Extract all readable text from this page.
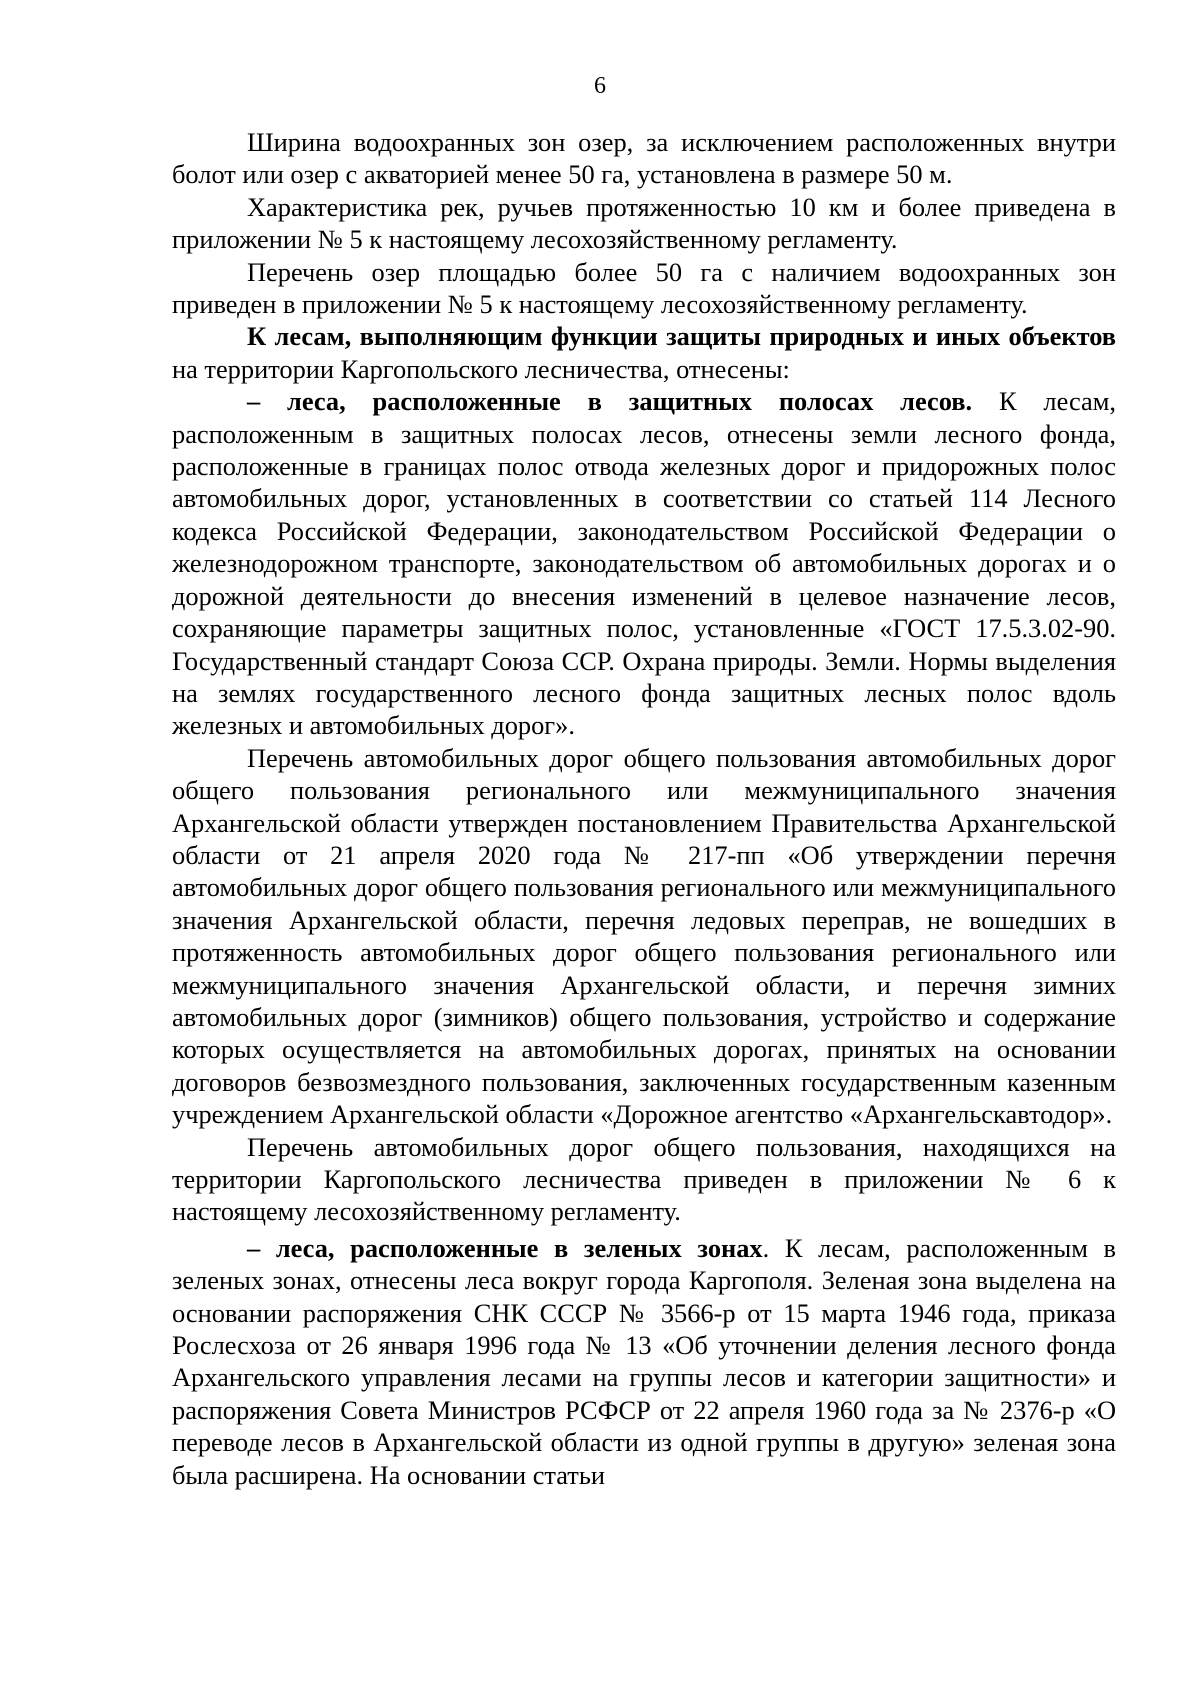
6

Ширина водоохранных зон озер, за исключением расположенных внутри болот или озер с акваторией менее 50 га, установлена в размере 50 м.

Характеристика рек, ручьев протяженностью 10 км и более приведена в приложении № 5 к настоящему лесохозяйственному регламенту.

Перечень озер площадью более 50 га с наличием водоохранных зон приведен в приложении № 5 к настоящему лесохозяйственному регламенту.

К лесам, выполняющим функции защиты природных и иных объектов на территории Каргопольского лесничества, отнесены:

– леса, расположенные в защитных полосах лесов. К лесам, расположенным в защитных полосах лесов, отнесены земли лесного фонда, расположенные в границах полос отвода железных дорог и придорожных полос автомобильных дорог, установленных в соответствии со статьей 114 Лесного кодекса Российской Федерации, законодательством Российской Федерации о железнодорожном транспорте, законодательством об автомобильных дорогах и о дорожной деятельности до внесения изменений в целевое назначение лесов, сохраняющие параметры защитных полос, установленные «ГОСТ 17.5.3.02-90. Государственный стандарт Союза ССР. Охрана природы. Земли. Нормы выделения на землях государственного лесного фонда защитных лесных полос вдоль железных и автомобильных дорог».

Перечень автомобильных дорог общего пользования автомобильных дорог общего пользования регионального или межмуниципального значения Архангельской области утвержден постановлением Правительства Архангельской области от 21 апреля 2020 года № 217-пп «Об утверждении перечня автомобильных дорог общего пользования регионального или межмуниципального значения Архангельской области, перечня ледовых переправ, не вошедших в протяженность автомобильных дорог общего пользования регионального или межмуниципального значения Архангельской области, и перечня зимних автомобильных дорог (зимников) общего пользования, устройство и содержание которых осуществляется на автомобильных дорогах, принятых на основании договоров безвозмездного пользования, заключенных государственным казенным учреждением Архангельской области «Дорожное агентство «Архангельскавтодор».

Перечень автомобильных дорог общего пользования, находящихся на территории Каргопольского лесничества приведен в приложении № 6 к настоящему лесохозяйственному регламенту.

– леса, расположенные в зеленых зонах. К лесам, расположенным в зеленых зонах, отнесены леса вокруг города Каргополя. Зеленая зона выделена на основании распоряжения СНК СССР № 3566-р от 15 марта 1946 года, приказа Рослесхоза от 26 января 1996 года № 13 «Об уточнении деления лесного фонда Архангельского управления лесами на группы лесов и категории защитности» и распоряжения Совета Министров РСФСР от 22 апреля 1960 года за № 2376-р «О переводе лесов в Архангельской области из одной группы в другую» зеленая зона была расширена. На основании статьи
